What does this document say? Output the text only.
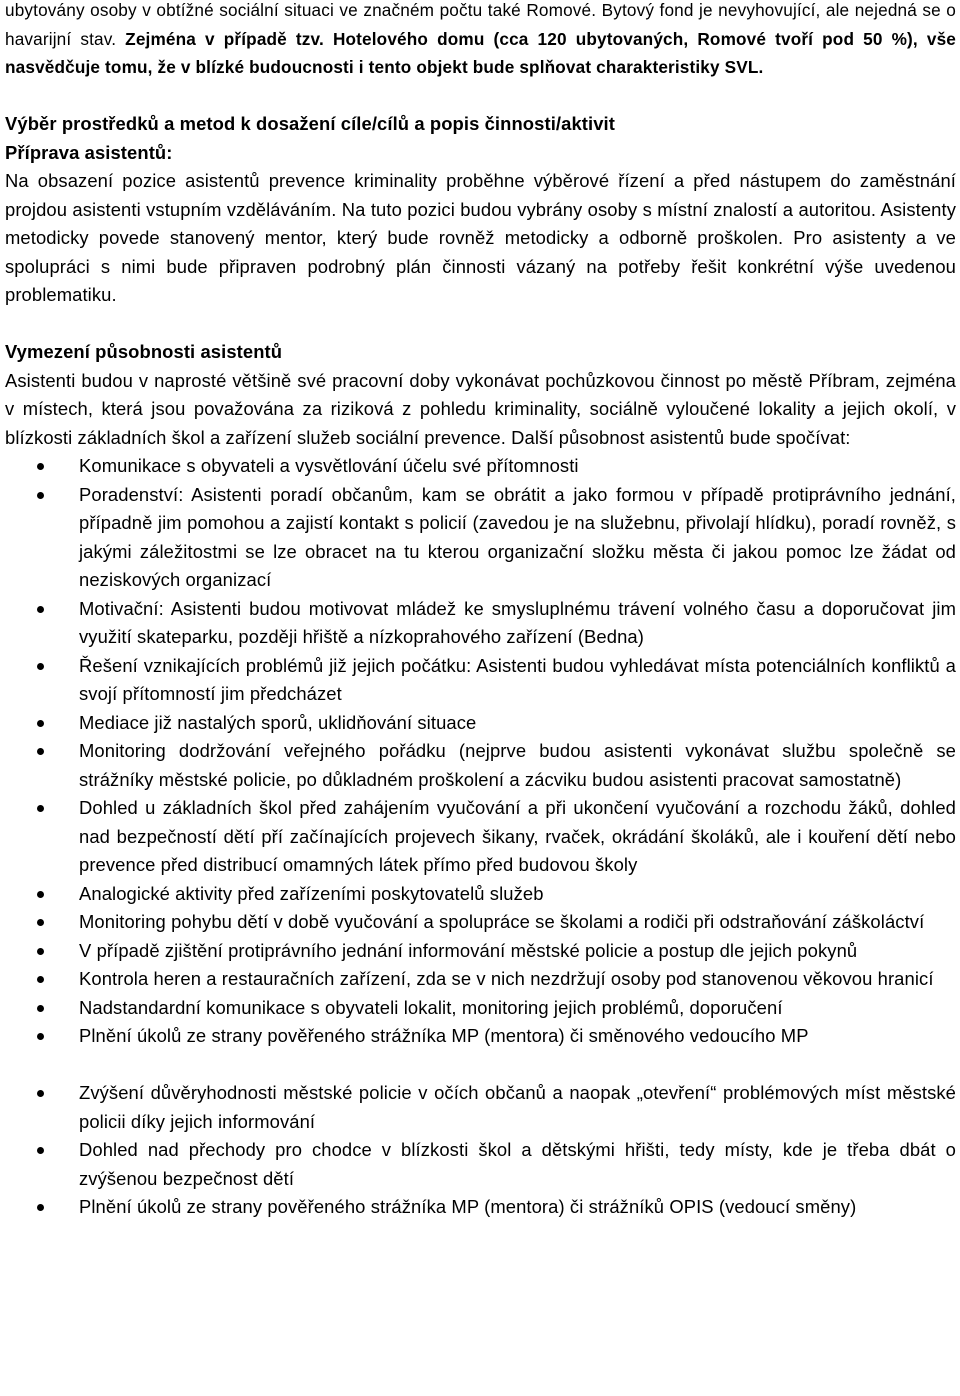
ubytovány osoby v obtížné sociální situaci ve značném počtu také Romové. Bytový fond je nevyhovující, ale nejedná se o havarijní stav. Zejména v případě tzv. Hotelového domu (cca 120 ubytovaných, Romové tvoří pod 50 %), vše nasvědčuje tomu, že v blízké budoucnosti i tento objekt bude splňovat charakteristiky SVL.

Výběr prostředků a metod k dosažení cíle/cílů a popis činnosti/aktivit

Příprava asistentů:

Na obsazení pozice asistentů prevence kriminality proběhne výběrové řízení a před nástupem do zaměstnání projdou asistenti vstupním vzděláváním. Na tuto pozici budou vybrány osoby s místní znalostí a autoritou. Asistenty metodicky povede stanovený mentor, který bude rovněž metodicky a odborně proškolen. Pro asistenty a ve spolupráci s nimi bude připraven podrobný plán činnosti vázaný na potřeby řešit konkrétní výše uvedenou problematiku.

Vymezení působnosti asistentů

Asistenti budou v naprosté většině své pracovní doby vykonávat pochůzkovou činnost po městě Příbram, zejména v místech, která jsou považována za riziková z pohledu kriminality, sociálně vyloučené lokality a jejich okolí, v blízkosti základních škol a zařízení služeb sociální prevence. Další působnost asistentů bude spočívat:

Komunikace s obyvateli a vysvětlování účelu své přítomnosti
Poradenství: Asistenti poradí občanům, kam se obrátit a jako formou v případě protiprávního jednání, případně jim pomohou a zajistí kontakt s policií (zavedou je na služebnu, přivolají hlídku), poradí rovněž, s jakými záležitostmi se lze obracet na tu kterou organizační složku města či jakou pomoc lze žádat od neziskových organizací
Motivační: Asistenti budou motivovat mládež ke smysluplnému trávení volného času a doporučovat jim využití skateparku, později hřiště a nízkoprahového zařízení (Bedna)
Řešení vznikajících problémů již jejich počátku: Asistenti budou vyhledávat místa potenciálních konfliktů a svojí přítomností jim předcházet
Mediace již nastalých sporů, uklidňování situace
Monitoring dodržování veřejného pořádku (nejprve budou asistenti vykonávat službu společně se strážníky městské policie, po důkladném proškolení a zácviku budou asistenti pracovat samostatně)
Dohled u základních škol před zahájením vyučování a při ukončení vyučování a rozchodu žáků, dohled nad bezpečností dětí pří začínajících projevech šikany, rvaček, okrádání školáků, ale i kouření dětí nebo prevence před distribucí omamných látek přímo před budovou školy
Analogické aktivity před zařízeními poskytovatelů služeb
Monitoring pohybu dětí v době vyučování a spolupráce se školami a rodiči při odstraňování záškoláctví
V případě zjištění protiprávního jednání informování městské policie a postup dle jejich pokynů
Kontrola heren a restauračních zařízení, zda se v nich nezdržují osoby pod stanovenou věkovou hranicí
Nadstandardní komunikace s obyvateli lokalit, monitoring jejich problémů, doporučení
Plnění úkolů ze strany pověřeného strážníka MP (mentora) či směnového vedoucího MP
Zvýšení důvěryhodnosti městské policie v očích občanů a naopak „otevření“ problémových míst městské policii díky jejich informování
Dohled nad přechody pro chodce v blízkosti škol a dětskými hřišti, tedy místy, kde je třeba dbát o zvýšenou bezpečnost dětí
Plnění úkolů ze strany pověřeného strážníka MP (mentora) či strážníků OPIS (vedoucí směny)
